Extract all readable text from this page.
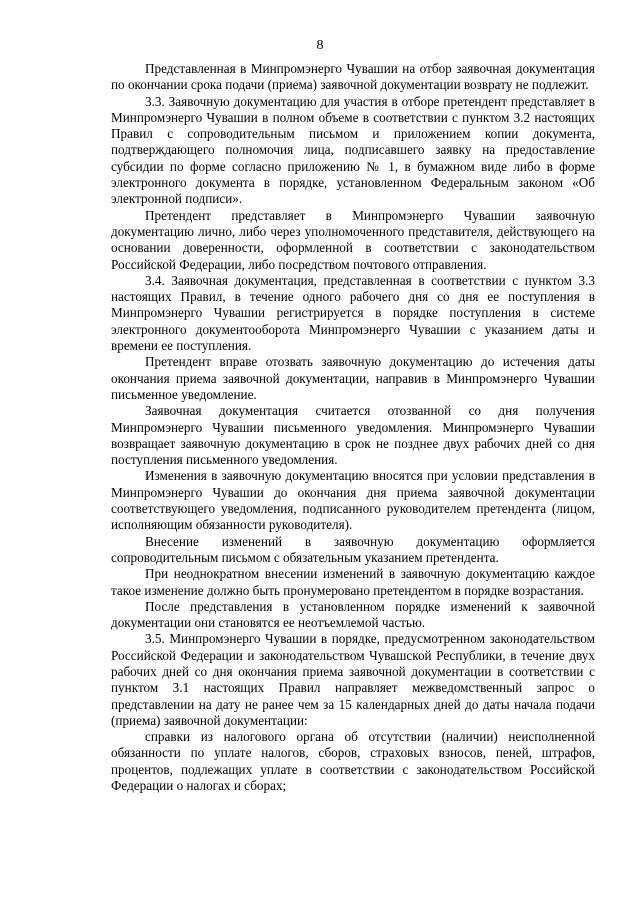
8

Представленная в Минпромэнерго Чувашии на отбор заявочная документация по окончании срока подачи (приема) заявочной документации возврату не подлежит.

3.3. Заявочную документацию для участия в отборе претендент представляет в Минпромэнерго Чувашии в полном объеме в соответствии с пунктом 3.2 настоящих Правил с сопроводительным письмом и приложением копии документа, подтверждающего полномочия лица, подписавшего заявку на предоставление субсидии по форме согласно приложению № 1, в бумажном виде либо в форме электронного документа в порядке, установленном Федеральным законом «Об электронной подписи».

Претендент представляет в Минпромэнерго Чувашии заявочную документацию лично, либо через уполномоченного представителя, действующего на основании доверенности, оформленной в соответствии с законодательством Российской Федерации, либо посредством почтового отправления.

3.4. Заявочная документация, представленная в соответствии с пунктом 3.3 настоящих Правил, в течение одного рабочего дня со дня ее поступления в Минпромэнерго Чувашии регистрируется в порядке поступления в системе электронного документооборота Минпромэнерго Чувашии с указанием даты и времени ее поступления.

Претендент вправе отозвать заявочную документацию до истечения даты окончания приема заявочной документации, направив в Минпромэнерго Чувашии письменное уведомление.

Заявочная документация считается отозванной со дня получения Минпромэнерго Чувашии письменного уведомления. Минпромэнерго Чувашии возвращает заявочную документацию в срок не позднее двух рабочих дней со дня поступления письменного уведомления.

Изменения в заявочную документацию вносятся при условии представления в Минпромэнерго Чувашии до окончания дня приема заявочной документации соответствующего уведомления, подписанного руководителем претендента (лицом, исполняющим обязанности руководителя).

Внесение изменений в заявочную документацию оформляется сопроводительным письмом с обязательным указанием претендента.

При неоднократном внесении изменений в заявочную документацию каждое такое изменение должно быть пронумеровано претендентом в порядке возрастания.

После представления в установленном порядке изменений к заявочной документации они становятся ее неотъемлемой частью.

3.5. Минпромэнерго Чувашии в порядке, предусмотренном законодательством Российской Федерации и законодательством Чувашской Республики, в течение двух рабочих дней со дня окончания приема заявочной документации в соответствии с пунктом 3.1 настоящих Правил направляет межведомственный запрос о представлении на дату не ранее чем за 15 календарных дней до даты начала подачи (приема) заявочной документации:

справки из налогового органа об отсутствии (наличии) неисполненной обязанности по уплате налогов, сборов, страховых взносов, пеней, штрафов, процентов, подлежащих уплате в соответствии с законодательством Российской Федерации о налогах и сборах;
